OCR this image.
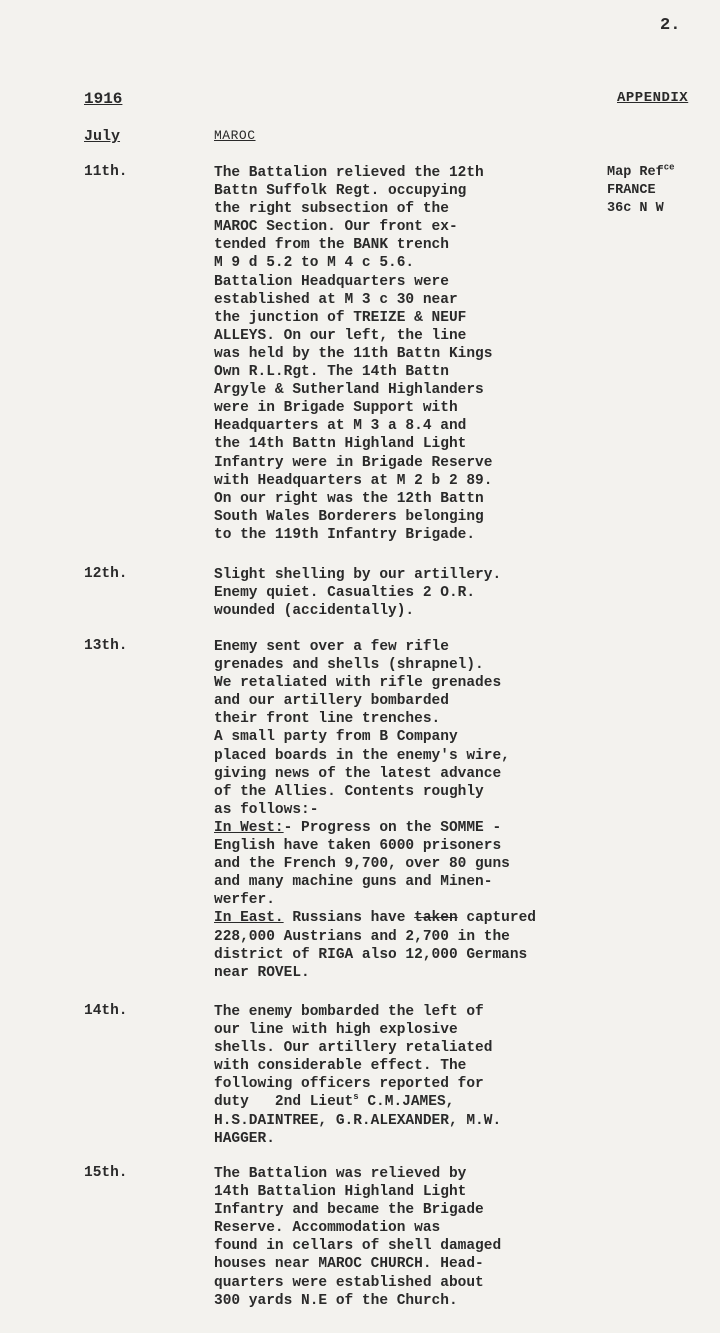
2.
1916	APPENDIX
July	MAROC
Map Ref$^{ce}$
FRANCE
36c N W
11th.	The Battalion relieved the 12th
Battn Suffolk Regt. occupying
the right subsection of the
MAROC Section. Our front ex-
tended from the BANK trench
M 9 d 5.2 to M 4 c 5.6.
Battalion Headquarters were
established at M 3 c 30 near
the junction of TREIZE & NEUF
ALLEYS. On our left, the line
was held by the 11th Battn Kings
Own R.L.Rgt. The 14th Battn
Argyle & Sutherland Highlanders
were in Brigade Support with
Headquarters at M 3 a 8.4 and
the 14th Battn Highland Light
Infantry were in Brigade Reserve
with Headquarters at M 2 b 2 89.
On our right was the 12th Battn
South Wales Borderers belonging
to the 119th Infantry Brigade.
12th.	Slight shelling by our artillery.
Enemy quiet. Casualties 2 O.R.
wounded (accidentally).
13th.	Enemy sent over a few rifle
grenades and shells (shrapnel).
We retaliated with rifle grenades
and our artillery bombarded
their front line trenches.
A small party from B Company
placed boards in the enemy's wire,
giving news of the latest advance
of the Allies. Contents roughly
as follows:-
In West:- Progress on the SOMME -
English have taken 6000 prisoners
and the French 9,700, over 80 guns
and many machine guns and Minen-
werfer.
In East. Russians have taken captured
228,000 Austrians and 2,700 in the
district of RIGA also 12,000 Germans
near ROVEL.
14th.	The enemy bombarded the left of
our line with high explosive
shells. Our artillery retaliated
with considerable effect. The
following officers reported for
duty   2nd Lieut$^s$ C.M.JAMES,
H.S.DAINTREE, G.R.ALEXANDER, M.W.
HAGGER.
15th.	The Battalion was relieved by
14th Battalion Highland Light
Infantry and became the Brigade
Reserve. Accommodation was
found in cellars of shell damaged
houses near MAROC CHURCH. Head-
quarters were established about
300 yards N.E of the Church.
